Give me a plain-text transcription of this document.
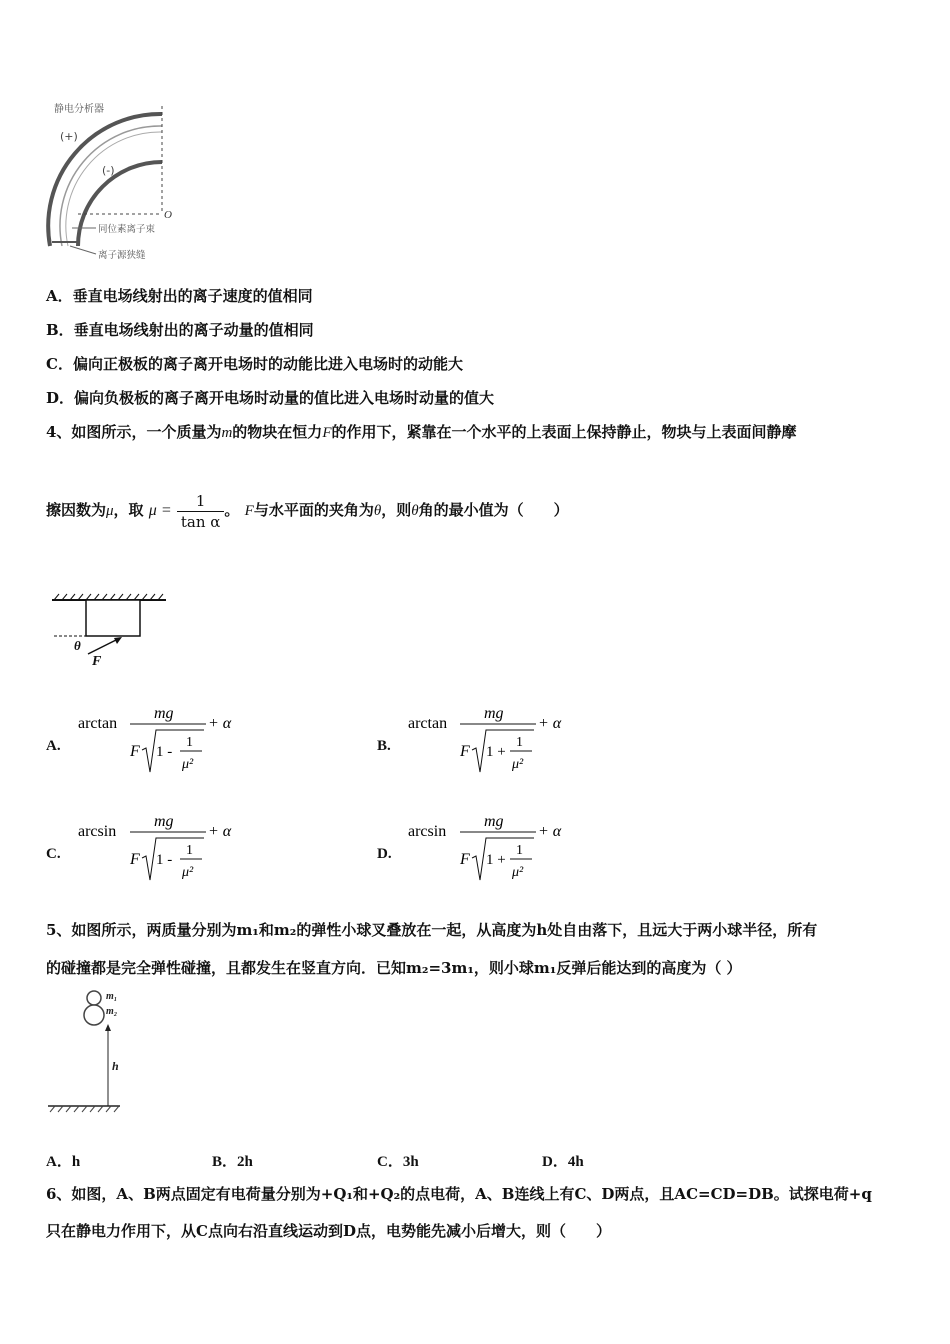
静电分析器
(+)
(-)
O
同位素离子束
离子源狭缝
A．垂直电场线射出的离子速度的值相同
B．垂直电场线射出的离子动量的值相同
C．偏向正极板的离子离开电场时的动能比进入电场时的动能大
D．偏向负极板的离子离开电场时动量的值比进入电场时动量的值大
4、如图所示，一个质量为m的物块在恒力F的作用下，紧靠在一个水平的上表面上保持静止，物块与上表面间静摩
擦因数为μ，取 $\mu = \frac{1}{\text{tan α}}$ 。 F与水平面的夹角为θ，则θ角的最小值为（　　）
θ
F
A.
arctan
mg
+ α
F 1 -
1
μ²
B.
arctan
mg
+ α
F 1 +
1
μ²
C.
arcsin
mg
+ α
F 1 -
1
μ²
D.
arcsin
mg
+ α
F 1 +
1
μ²
5、如图所示，两质量分别为m₁和m₂的弹性小球叉叠放在一起，从高度为h处自由落下，且远大于两小球半径，所有
的碰撞都是完全弹性碰撞，且都发生在竖直方向．已知m₂=3m₁，则小球m₁反弹后能达到的高度为（ ）
m₁
m₂
h
A．h	B．2h	C．3h	D．4h
6、如图，A、B两点固定有电荷量分别为+Q₁和+Q₂的点电荷，A、B连线上有C、D两点，且AC=CD=DB。试探电荷+q
只在静电力作用下，从C点向右沿直线运动到D点，电势能先减小后增大，则（　　）
